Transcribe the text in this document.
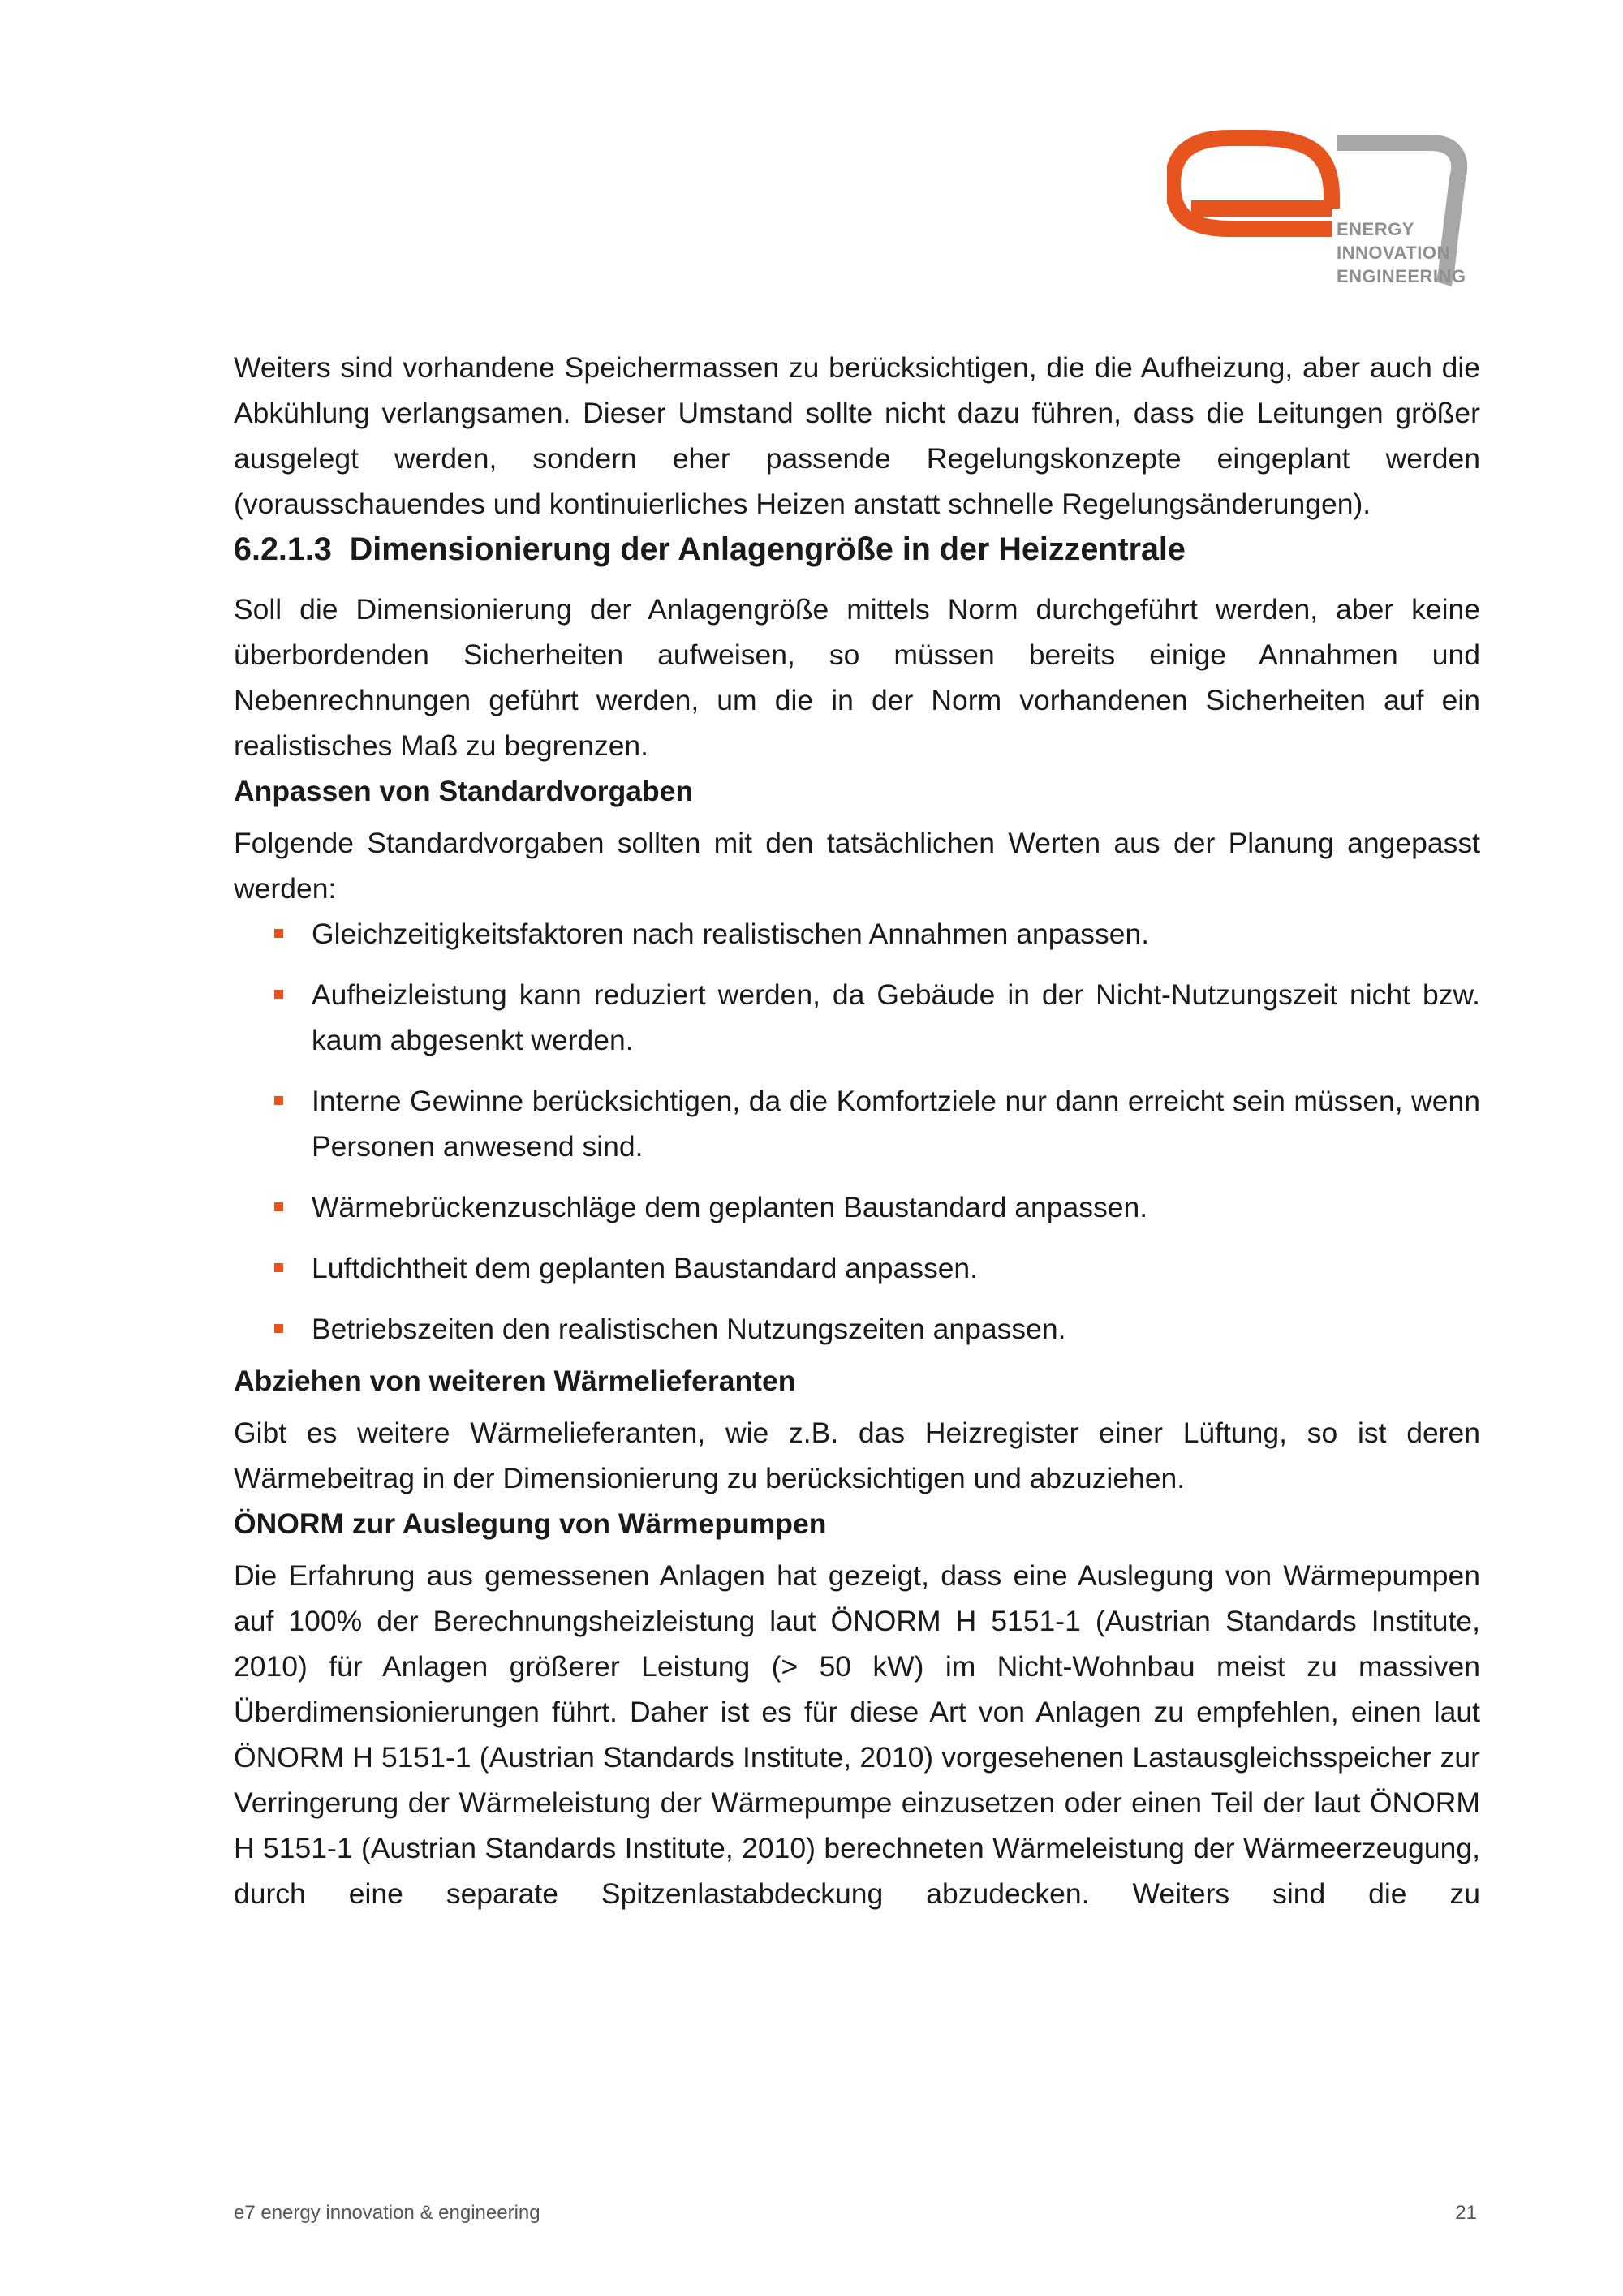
ENERGY
INNOVATION
ENGINEERING

Weiters sind vorhandene Speichermassen zu berücksichtigen, die die Aufheizung, aber auch die Abkühlung verlangsamen. Dieser Umstand sollte nicht dazu führen, dass die Leitungen größer ausgelegt werden, sondern eher passende Regelungskonzepte eingeplant werden (vorausschauendes und kontinuierliches Heizen anstatt schnelle Regelungsänderungen).

6.2.1.3  Dimensionierung der Anlagengröße in der Heizzentrale

Soll die Dimensionierung der Anlagengröße mittels Norm durchgeführt werden, aber keine überbordenden Sicherheiten aufweisen, so müssen bereits einige Annahmen und Nebenrechnungen geführt werden, um die in der Norm vorhandenen Sicherheiten auf ein realistisches Maß zu begrenzen.

Anpassen von Standardvorgaben

Folgende Standardvorgaben sollten mit den tatsächlichen Werten aus der Planung angepasst werden:

Gleichzeitigkeitsfaktoren nach realistischen Annahmen anpassen.
Aufheizleistung kann reduziert werden, da Gebäude in der Nicht-Nutzungszeit nicht bzw. kaum abgesenkt werden.
Interne Gewinne berücksichtigen, da die Komfortziele nur dann erreicht sein müssen, wenn Personen anwesend sind.
Wärmebrückenzuschläge dem geplanten Baustandard anpassen.
Luftdichtheit dem geplanten Baustandard anpassen.
Betriebszeiten den realistischen Nutzungszeiten anpassen.
Abziehen von weiteren Wärmelieferanten

Gibt es weitere Wärmelieferanten, wie z.B. das Heizregister einer Lüftung, so ist deren Wärmebeitrag in der Dimensionierung zu berücksichtigen und abzuziehen.

ÖNORM zur Auslegung von Wärmepumpen

Die Erfahrung aus gemessenen Anlagen hat gezeigt, dass eine Auslegung von Wärmepumpen auf 100% der Berechnungsheizleistung laut ÖNORM H 5151-1 (Austrian Standards Institute, 2010) für Anlagen größerer Leistung (> 50 kW) im Nicht-Wohnbau meist zu massiven Überdimensionierungen führt. Daher ist es für diese Art von Anlagen zu empfehlen, einen laut ÖNORM H 5151-1 (Austrian Standards Institute, 2010) vorgesehenen Lastausgleichsspeicher zur Verringerung der Wärmeleistung der Wärmepumpe einzusetzen oder einen Teil der laut ÖNORM H 5151-1 (Austrian Standards Institute, 2010) berechneten Wärmeleistung der Wärmeerzeugung, durch eine separate Spitzenlastabdeckung abzudecken. Weiters sind die zu

e7 energy innovation & engineering	21
